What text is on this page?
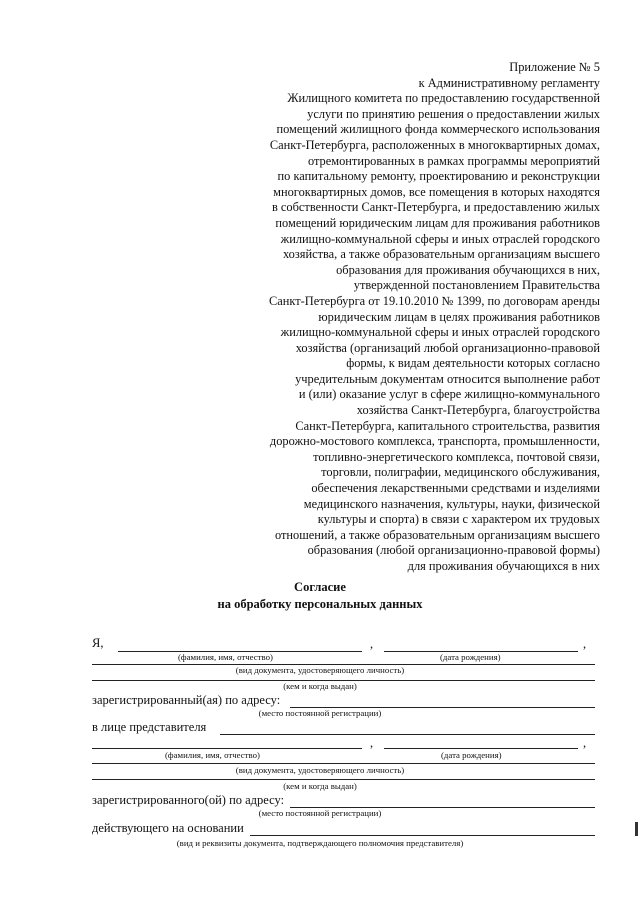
Приложение № 5
к Административному регламенту
Жилищного комитета по предоставлению государственной
услуги по принятию решения о предоставлении жилых
помещений жилищного фонда коммерческого использования
Санкт-Петербурга, расположенных в многоквартирных домах,
отремонтированных в рамках программы мероприятий
по капитальному ремонту, проектированию и реконструкции
многоквартирных домов, все помещения в которых находятся
в собственности Санкт-Петербурга, и предоставлению жилых
помещений юридическим лицам для проживания работников
жилищно-коммунальной сферы и иных отраслей городского
хозяйства, а также образовательным организациям высшего
образования для проживания обучающихся в них,
утвержденной постановлением Правительства
Санкт-Петербурга от 19.10.2010 № 1399, по договорам аренды
юридическим лицам в целях проживания работников
жилищно-коммунальной сферы и иных отраслей городского
хозяйства (организаций любой организационно-правовой
формы, к видам деятельности которых согласно
учредительным документам относится выполнение работ
и (или) оказание услуг в сфере жилищно-коммунального
хозяйства Санкт-Петербурга, благоустройства
Санкт-Петербурга, капитального строительства, развития
дорожно-мостового комплекса, транспорта, промышленности,
топливно-энергетического комплекса, почтовой связи,
торговли, полиграфии, медицинского обслуживания,
обеспечения лекарственными средствами и изделиями
медицинского назначения, культуры, науки, физической
культуры и спорта) в связи с характером их трудовых
отношений, а также образовательным организациям высшего
образования (любой организационно-правовой формы)
для проживания обучающихся в них
Согласие
на обработку персональных данных
Я,	,	,
(фамилия, имя, отчество)	(дата рождения)
(вид документа, удостоверяющего личность)
(кем и когда выдан)
зарегистрированный(ая) по адресу:
(место постоянной регистрации)
в лице представителя
,	,
(фамилия, имя, отчество)	(дата рождения)
(вид документа, удостоверяющего личность)
(кем и когда выдан)
зарегистрированного(ой) по адресу:
(место постоянной регистрации)
действующего на основании
(вид и реквизиты документа, подтверждающего полномочия представителя)
